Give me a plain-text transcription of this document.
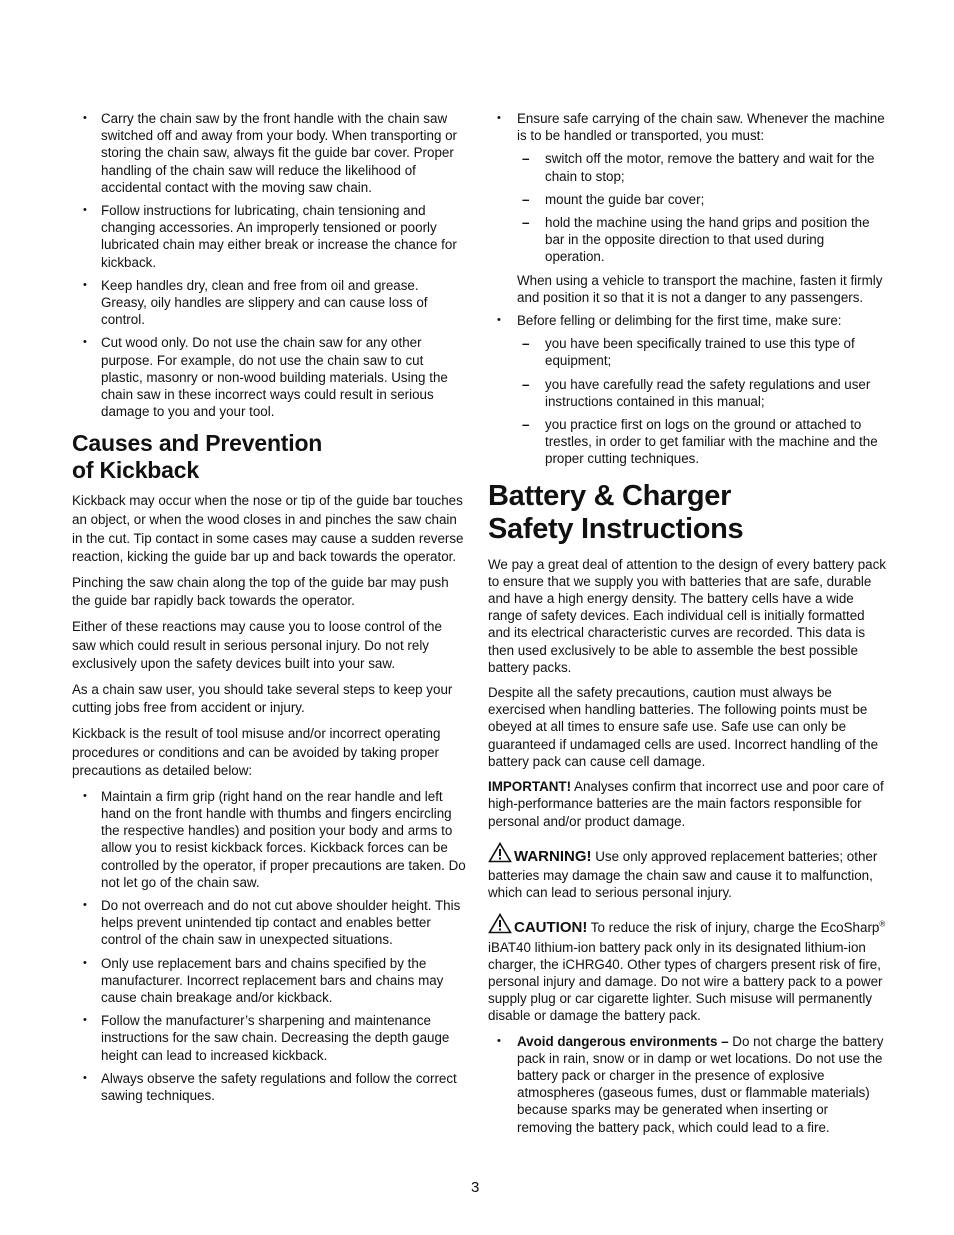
• Carry the chain saw by the front handle with the chain saw switched off and away from your body. When transporting or storing the chain saw, always fit the guide bar cover. Proper handling of the chain saw will reduce the likelihood of accidental contact with the moving saw chain.
• Follow instructions for lubricating, chain tensioning and changing accessories. An improperly tensioned or poorly lubricated chain may either break or increase the chance for kickback.
• Keep handles dry, clean and free from oil and grease. Greasy, oily handles are slippery and can cause loss of control.
• Cut wood only. Do not use the chain saw for any other purpose. For example, do not use the chain saw to cut plastic, masonry or non-wood building materials. Using the chain saw in these incorrect ways could result in serious damage to you and your tool.
Causes and Prevention
of Kickback

Kickback may occur when the nose or tip of the guide bar touches an object, or when the wood closes in and pinches the saw chain in the cut. Tip contact in some cases may cause a sudden reverse reaction, kicking the guide bar up and back towards the operator.

Pinching the saw chain along the top of the guide bar may push the guide bar rapidly back towards the operator.

Either of these reactions may cause you to loose control of the saw which could result in serious personal injury. Do not rely exclusively upon the safety devices built into your saw.

As a chain saw user, you should take several steps to keep your cutting jobs free from accident or injury.

Kickback is the result of tool misuse and/or incorrect operating procedures or conditions and can be avoided by taking proper precautions as detailed below:

• Maintain a firm grip (right hand on the rear handle and left hand on the front handle with thumbs and fingers encircling the respective handles) and position your body and arms to allow you to resist kickback forces. Kickback forces can be controlled by the operator, if proper precautions are taken. Do not let go of the chain saw.
• Do not overreach and do not cut above shoulder height. This helps prevent unintended tip contact and enables better control of the chain saw in unexpected situations.
• Only use replacement bars and chains specified by the manufacturer. Incorrect replacement bars and chains may cause chain breakage and/or kickback.
• Follow the manufacturer’s sharpening and maintenance instructions for the saw chain. Decreasing the depth gauge height can lead to increased kickback.
• Always observe the safety regulations and follow the correct sawing techniques.
• Ensure safe carrying of the chain saw. Whenever the machine is to be handled or transported, you must:
– switch off the motor, remove the battery and wait for the chain to stop;
– mount the guide bar cover;
– hold the machine using the hand grips and position the bar in the opposite direction to that used during operation.

When using a vehicle to transport the machine, fasten it firmly and position it so that it is not a danger to any passengers.

• Before felling or delimbing for the first time, make sure:
– you have been specifically trained to use this type of equipment;
– you have carefully read the safety regulations and user instructions contained in this manual;
– you practice first on logs on the ground or attached to trestles, in order to get familiar with the machine and the proper cutting techniques.
Battery & Charger
Safety Instructions

We pay a great deal of attention to the design of every battery pack to ensure that we supply you with batteries that are safe, durable and have a high energy density. The battery cells have a wide range of safety devices. Each individual cell is initially formatted and its electrical characteristic curves are recorded. This data is then used exclusively to be able to assemble the best possible battery packs.

Despite all the safety precautions, caution must always be exercised when handling batteries. The following points must be obeyed at all times to ensure safe use. Safe use can only be guaranteed if undamaged cells are used. Incorrect handling of the battery pack can cause cell damage.

IMPORTANT! Analyses confirm that incorrect use and poor care of high-performance batteries are the main factors responsible for personal and/or product damage.

WARNING! Use only approved replacement batteries; other batteries may damage the chain saw and cause it to malfunction, which can lead to serious personal injury.

CAUTION! To reduce the risk of injury, charge the EcoSharp® iBAT40 lithium-ion battery pack only in its designated lithium-ion charger, the iCHRG40. Other types of chargers present risk of fire, personal injury and damage. Do not wire a battery pack to a power supply plug or car cigarette lighter. Such misuse will permanently disable or damage the battery pack.

• Avoid dangerous environments – Do not charge the battery pack in rain, snow or in damp or wet locations. Do not use the battery pack or charger in the presence of explosive atmospheres (gaseous fumes, dust or flammable materials) because sparks may be generated when inserting or removing the battery pack, which could lead to a fire.
3
